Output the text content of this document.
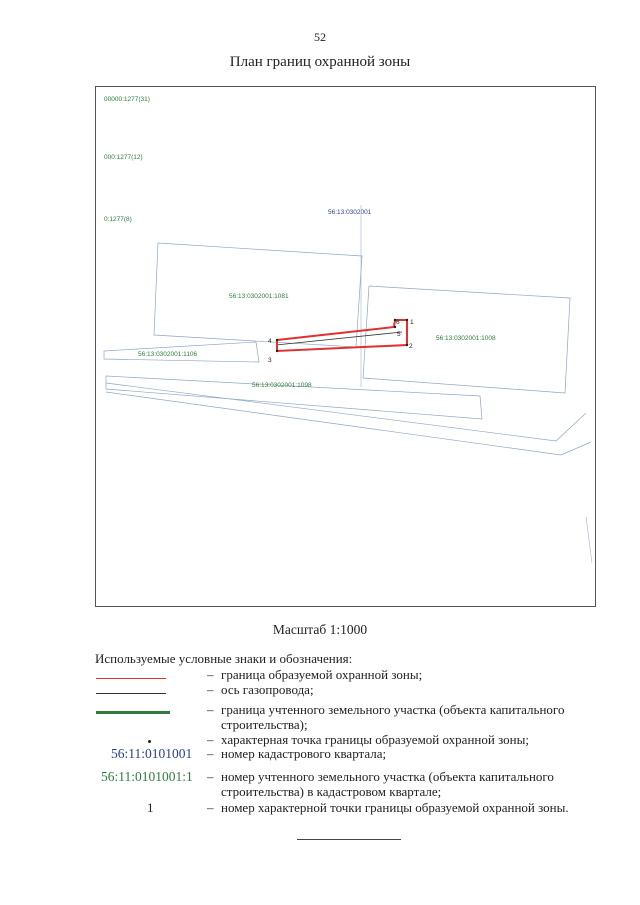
52
План границ охранной зоны
00000:1277(31)
000:1277(12)
0:1277(8)
56:13:0302001
56:13:0302001:1081
56:13:0302001:1008
56:13:0302001:1106
56:13:0302001:1098
1
2
3
4
5
6
Масштаб 1:1000
Используемые условные знаки и обозначения:
– граница образуемой охранной зоны;
– ось газопровода;
– граница учтенного земельного участка (объекта капитального строительства);
– характерная точка границы образуемой охранной зоны;
56:11:0101001 – номер кадастрового квартала;
56:11:0101001:1 – номер учтенного земельного участка (объекта капитального строительства) в кадастровом квартале;
1	– номер характерной точки границы образуемой охранной зоны.
